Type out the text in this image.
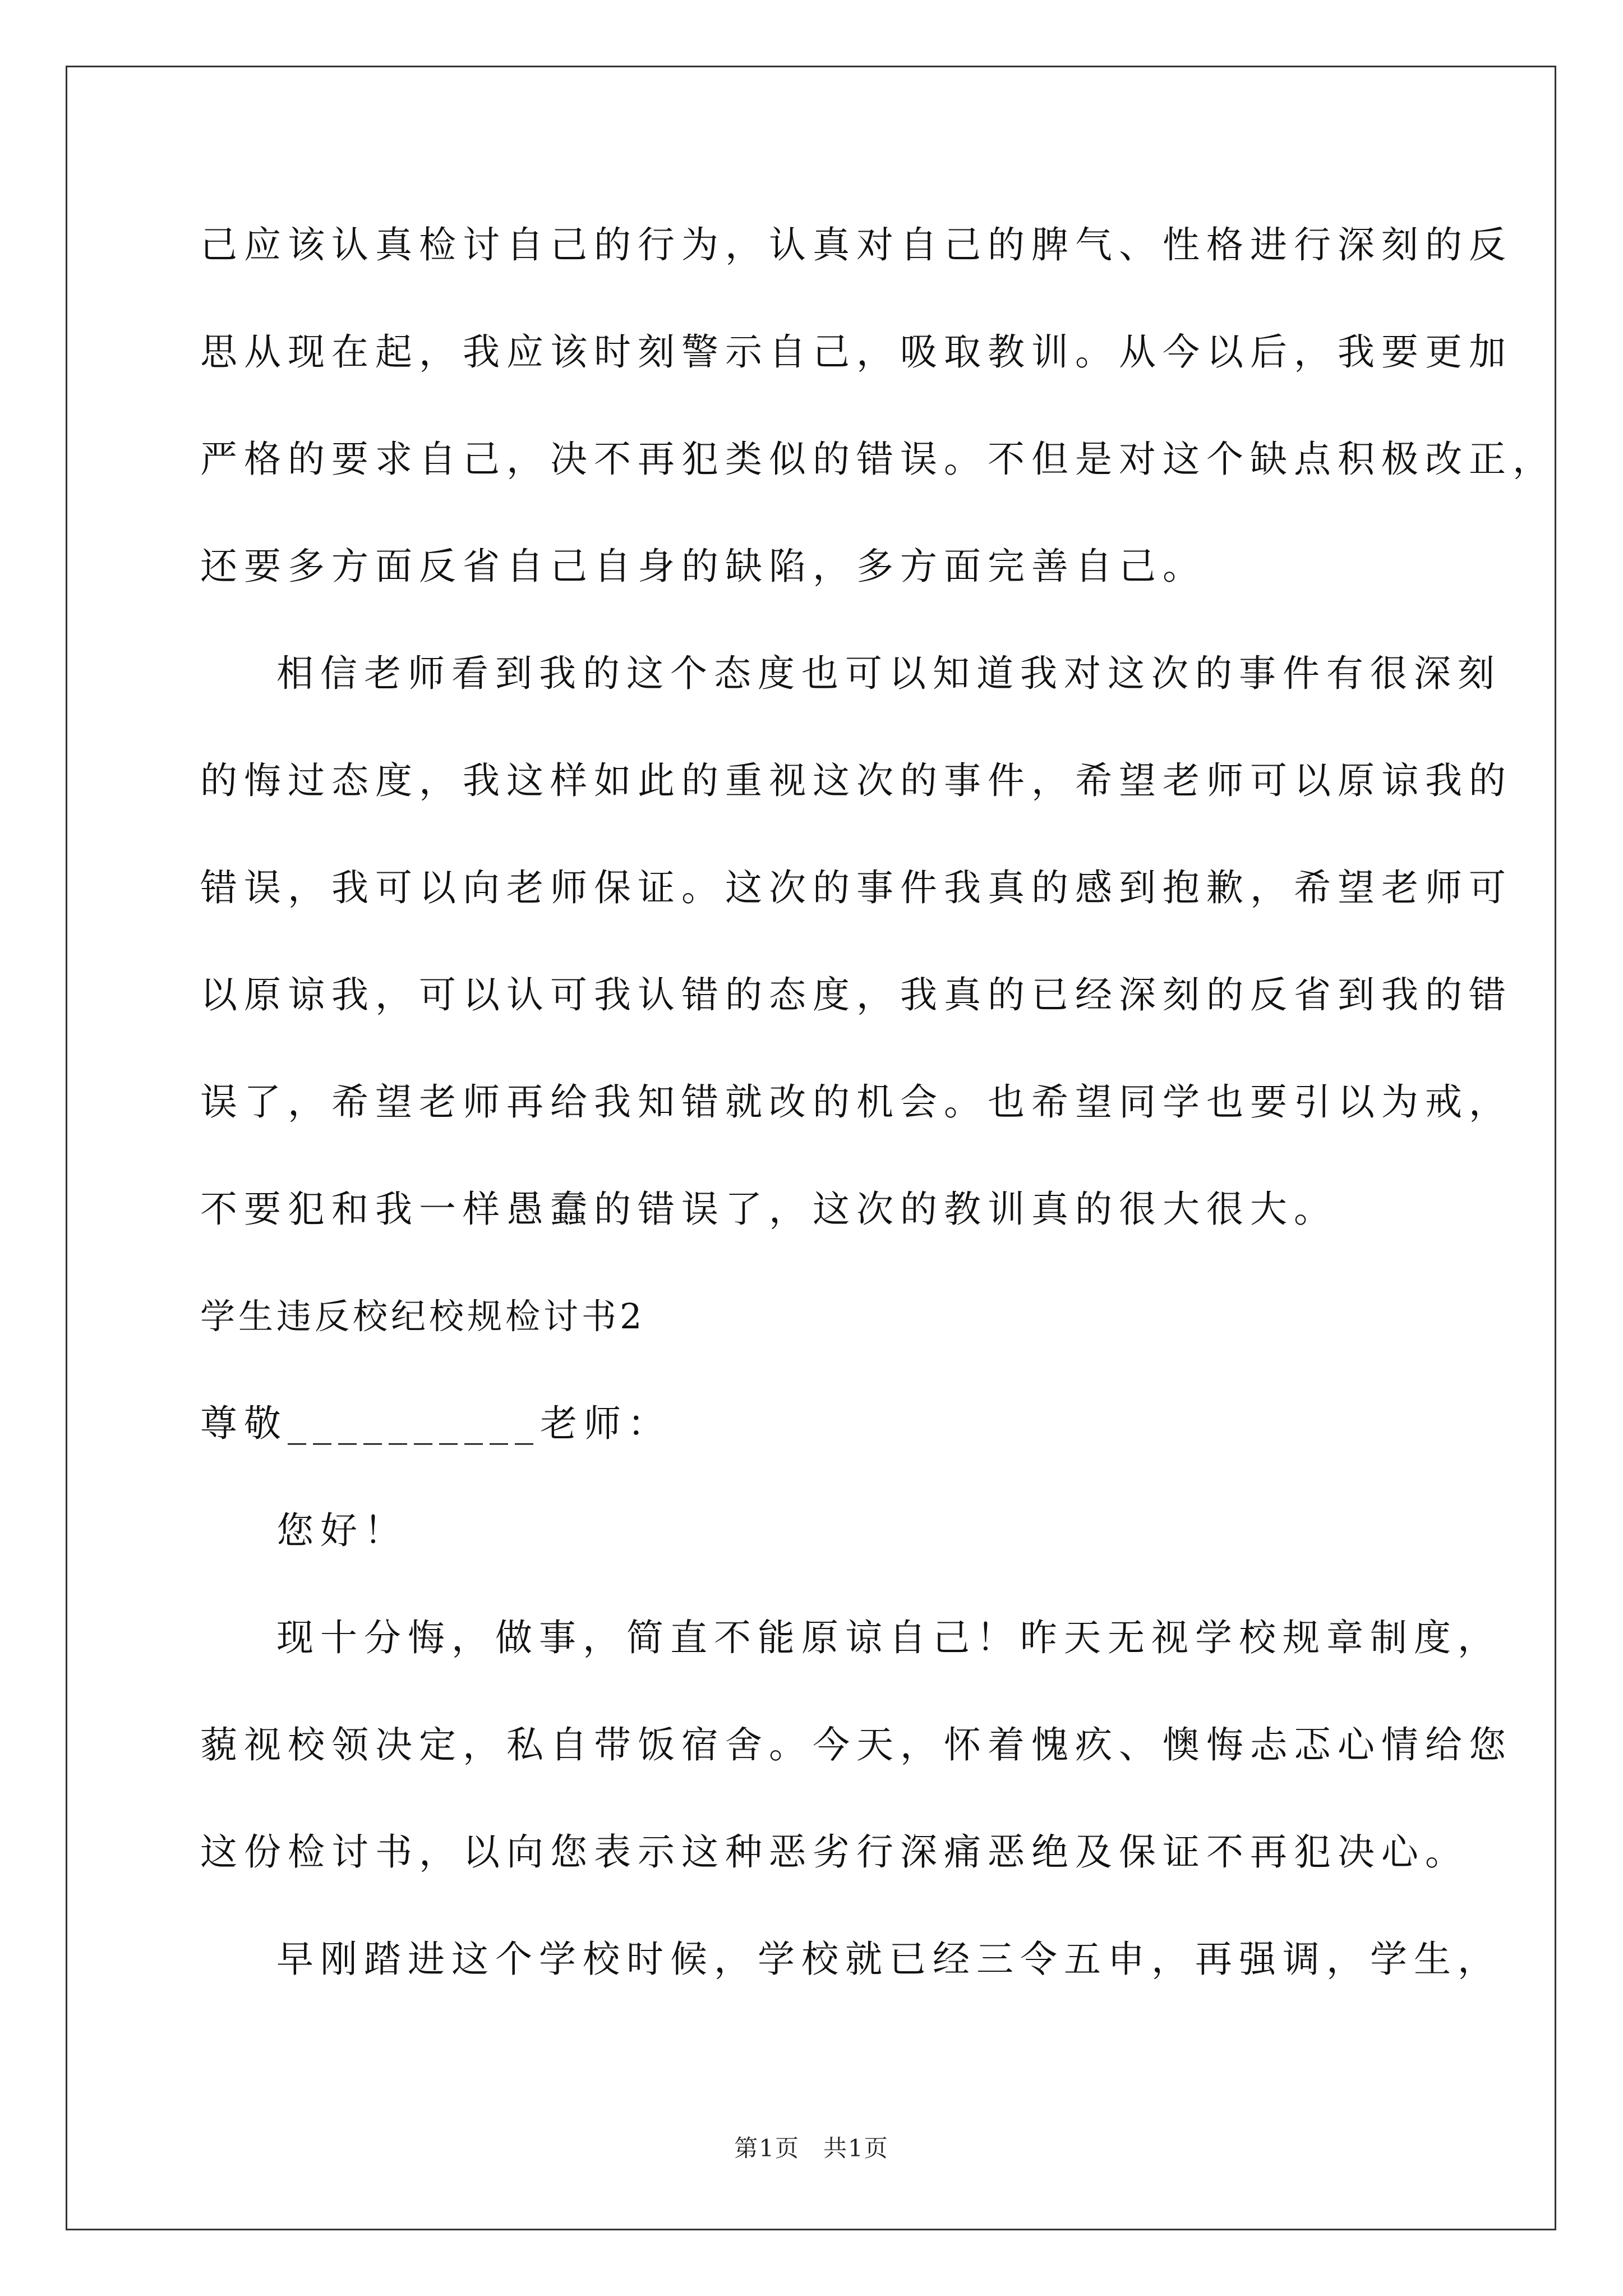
己应该认真检讨自己的行为，认真对自己的脾气、性格进行深刻的反
思从现在起，我应该时刻警示自己，吸取教训。从今以后，我要更加
严格的要求自己，决不再犯类似的错误。不但是对这个缺点积极改正，
还要多方面反省自己自身的缺陷，多方面完善自己。
相信老师看到我的这个态度也可以知道我对这次的事件有很深刻
的悔过态度，我这样如此的重视这次的事件，希望老师可以原谅我的
错误，我可以向老师保证。这次的事件我真的感到抱歉，希望老师可
以原谅我，可以认可我认错的态度，我真的已经深刻的反省到我的错
误了，希望老师再给我知错就改的机会。也希望同学也要引以为戒，
不要犯和我一样愚蠢的错误了，这次的教训真的很大很大。
学生违反校纪校规检讨书2
尊敬__________老师：
您好！
现十分悔，做事，简直不能原谅自己！昨天无视学校规章制度，
藐视校领决定，私自带饭宿舍。今天，怀着愧疚、懊悔忐忑心情给您
这份检讨书，以向您表示这种恶劣行深痛恶绝及保证不再犯决心。
早刚踏进这个学校时候，学校就已经三令五申，再强调，学生，
第1页 共1页
